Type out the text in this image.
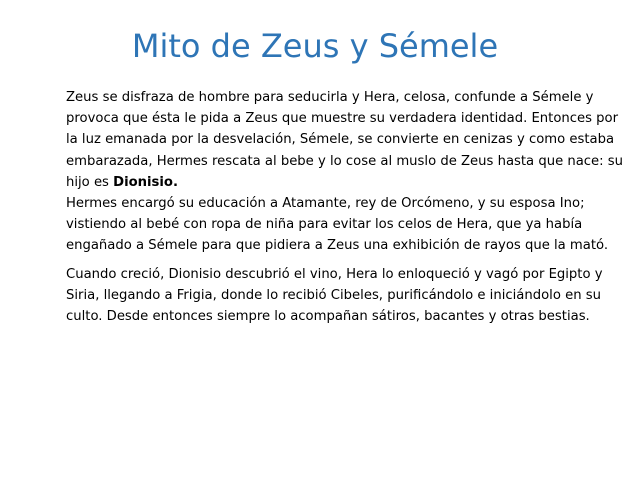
Mito de Zeus y Sémele

Zeus se disfraza de hombre para seducirla y Hera, celosa, confunde a Sémele y provoca que ésta le pida a Zeus que muestre su verdadera identidad. Entonces por la luz emanada por la desvelación, Sémele, se convierte en cenizas y como estaba embarazada, Hermes rescata al bebe y lo cose al muslo de Zeus hasta que nace: su hijo es Dionisio.

Hermes encargó su educación a Atamante, rey de Orcómeno, y su esposa Ino; vistiendo al bebé con ropa de niña para evitar los celos de Hera, que ya había engañado a Sémele para que pidiera a Zeus una exhibición de rayos que la mató.

Cuando creció, Dionisio descubrió el vino, Hera lo enloqueció y vagó por Egipto y Siria, llegando a Frigia, donde lo recibió Cibeles, purificándolo e iniciándolo en su culto. Desde entonces siempre lo acompañan sátiros, bacantes y otras bestias.
